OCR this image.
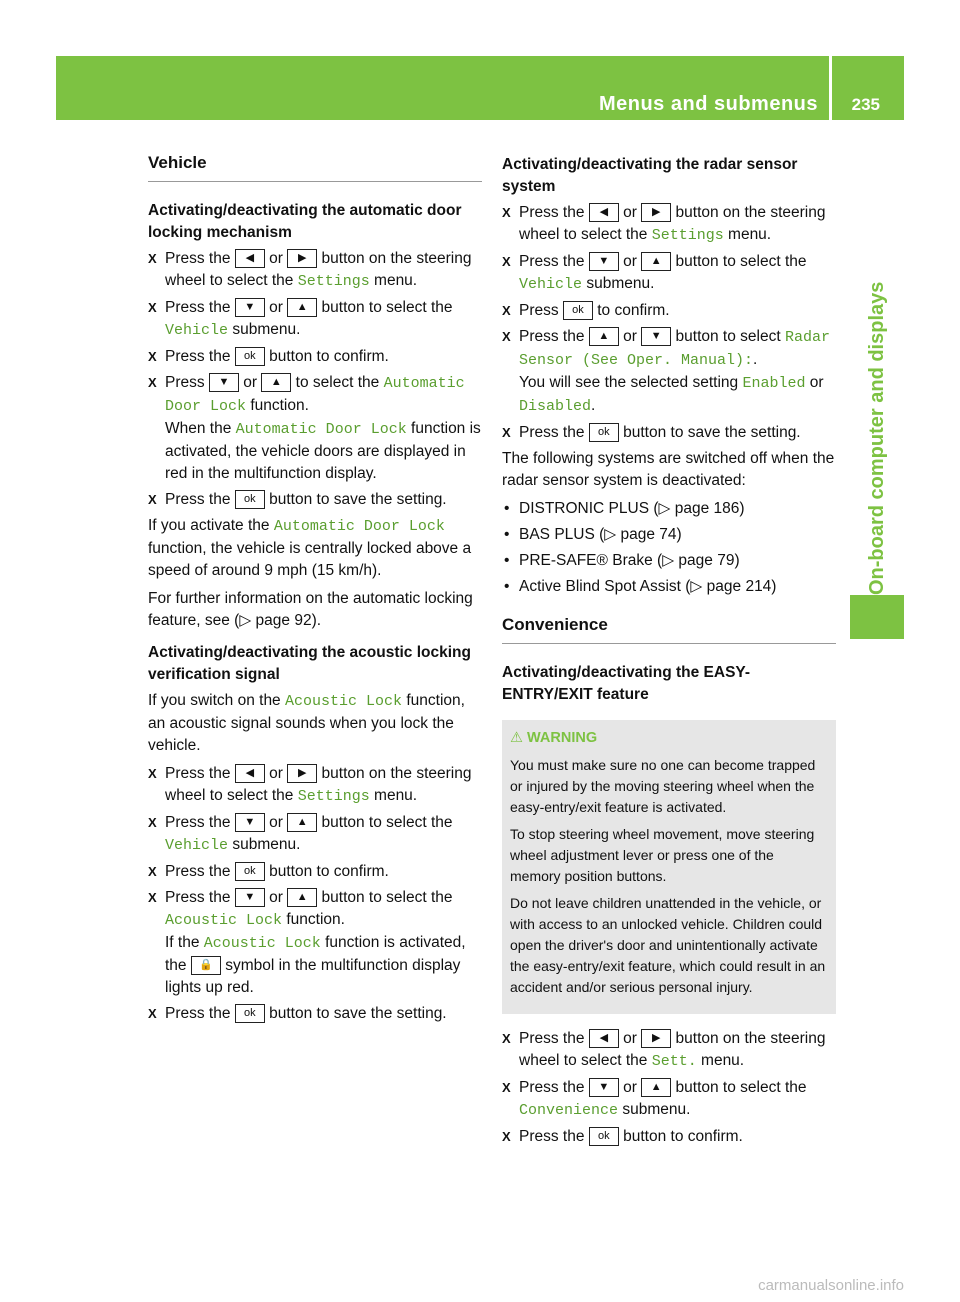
Menus and submenus 235
On-board computer and displays
Vehicle
Activating/deactivating the automatic door locking mechanism
X Press the ◀ or ▶ button on the steering wheel to select the Settings menu.
X Press the ▼ or ▲ button to select the Vehicle submenu.
X Press the ok button to confirm.
X Press ▼ or ▲ to select the Automatic Door Lock function.
When the Automatic Door Lock function is activated, the vehicle doors are displayed in red in the multifunction display.
X Press the ok button to save the setting.
If you activate the Automatic Door Lock function, the vehicle is centrally locked above a speed of around 9 mph (15 km/h).
For further information on the automatic locking feature, see (▷ page 92).
Activating/deactivating the acoustic locking verification signal
If you switch on the Acoustic Lock function, an acoustic signal sounds when you lock the vehicle.
X Press the ◀ or ▶ button on the steering wheel to select the Settings menu.
X Press the ▼ or ▲ button to select the Vehicle submenu.
X Press the ok button to confirm.
X Press the ▼ or ▲ button to select the Acoustic Lock function.
If the Acoustic Lock function is activated, the 🔒 symbol in the multifunction display lights up red.
X Press the ok button to save the setting.
Activating/deactivating the radar sensor system
X Press the ◀ or ▶ button on the steering wheel to select the Settings menu.
X Press the ▼ or ▲ button to select the Vehicle submenu.
X Press ok to confirm.
X Press the ▲ or ▼ button to select Radar Sensor (See Oper. Manual):.
You will see the selected setting Enabled or Disabled.
X Press the ok button to save the setting.
The following systems are switched off when the radar sensor system is deactivated:
• DISTRONIC PLUS (▷ page 186)
• BAS PLUS (▷ page 74)
• PRE-SAFE® Brake (▷ page 79)
• Active Blind Spot Assist (▷ page 214)
Convenience
Activating/deactivating the EASY-ENTRY/EXIT feature
⚠ WARNING

You must make sure no one can become trapped or injured by the moving steering wheel when the easy-entry/exit feature is activated.

To stop steering wheel movement, move steering wheel adjustment lever or press one of the memory position buttons.

Do not leave children unattended in the vehicle, or with access to an unlocked vehicle. Children could open the driver's door and unintentionally activate the easy-entry/exit feature, which could result in an accident and/or serious personal injury.

X Press the ◀ or ▶ button on the steering wheel to select the Sett. menu.
X Press the ▼ or ▲ button to select the Convenience submenu.
X Press the ok button to confirm.
carmanualsonline.info
